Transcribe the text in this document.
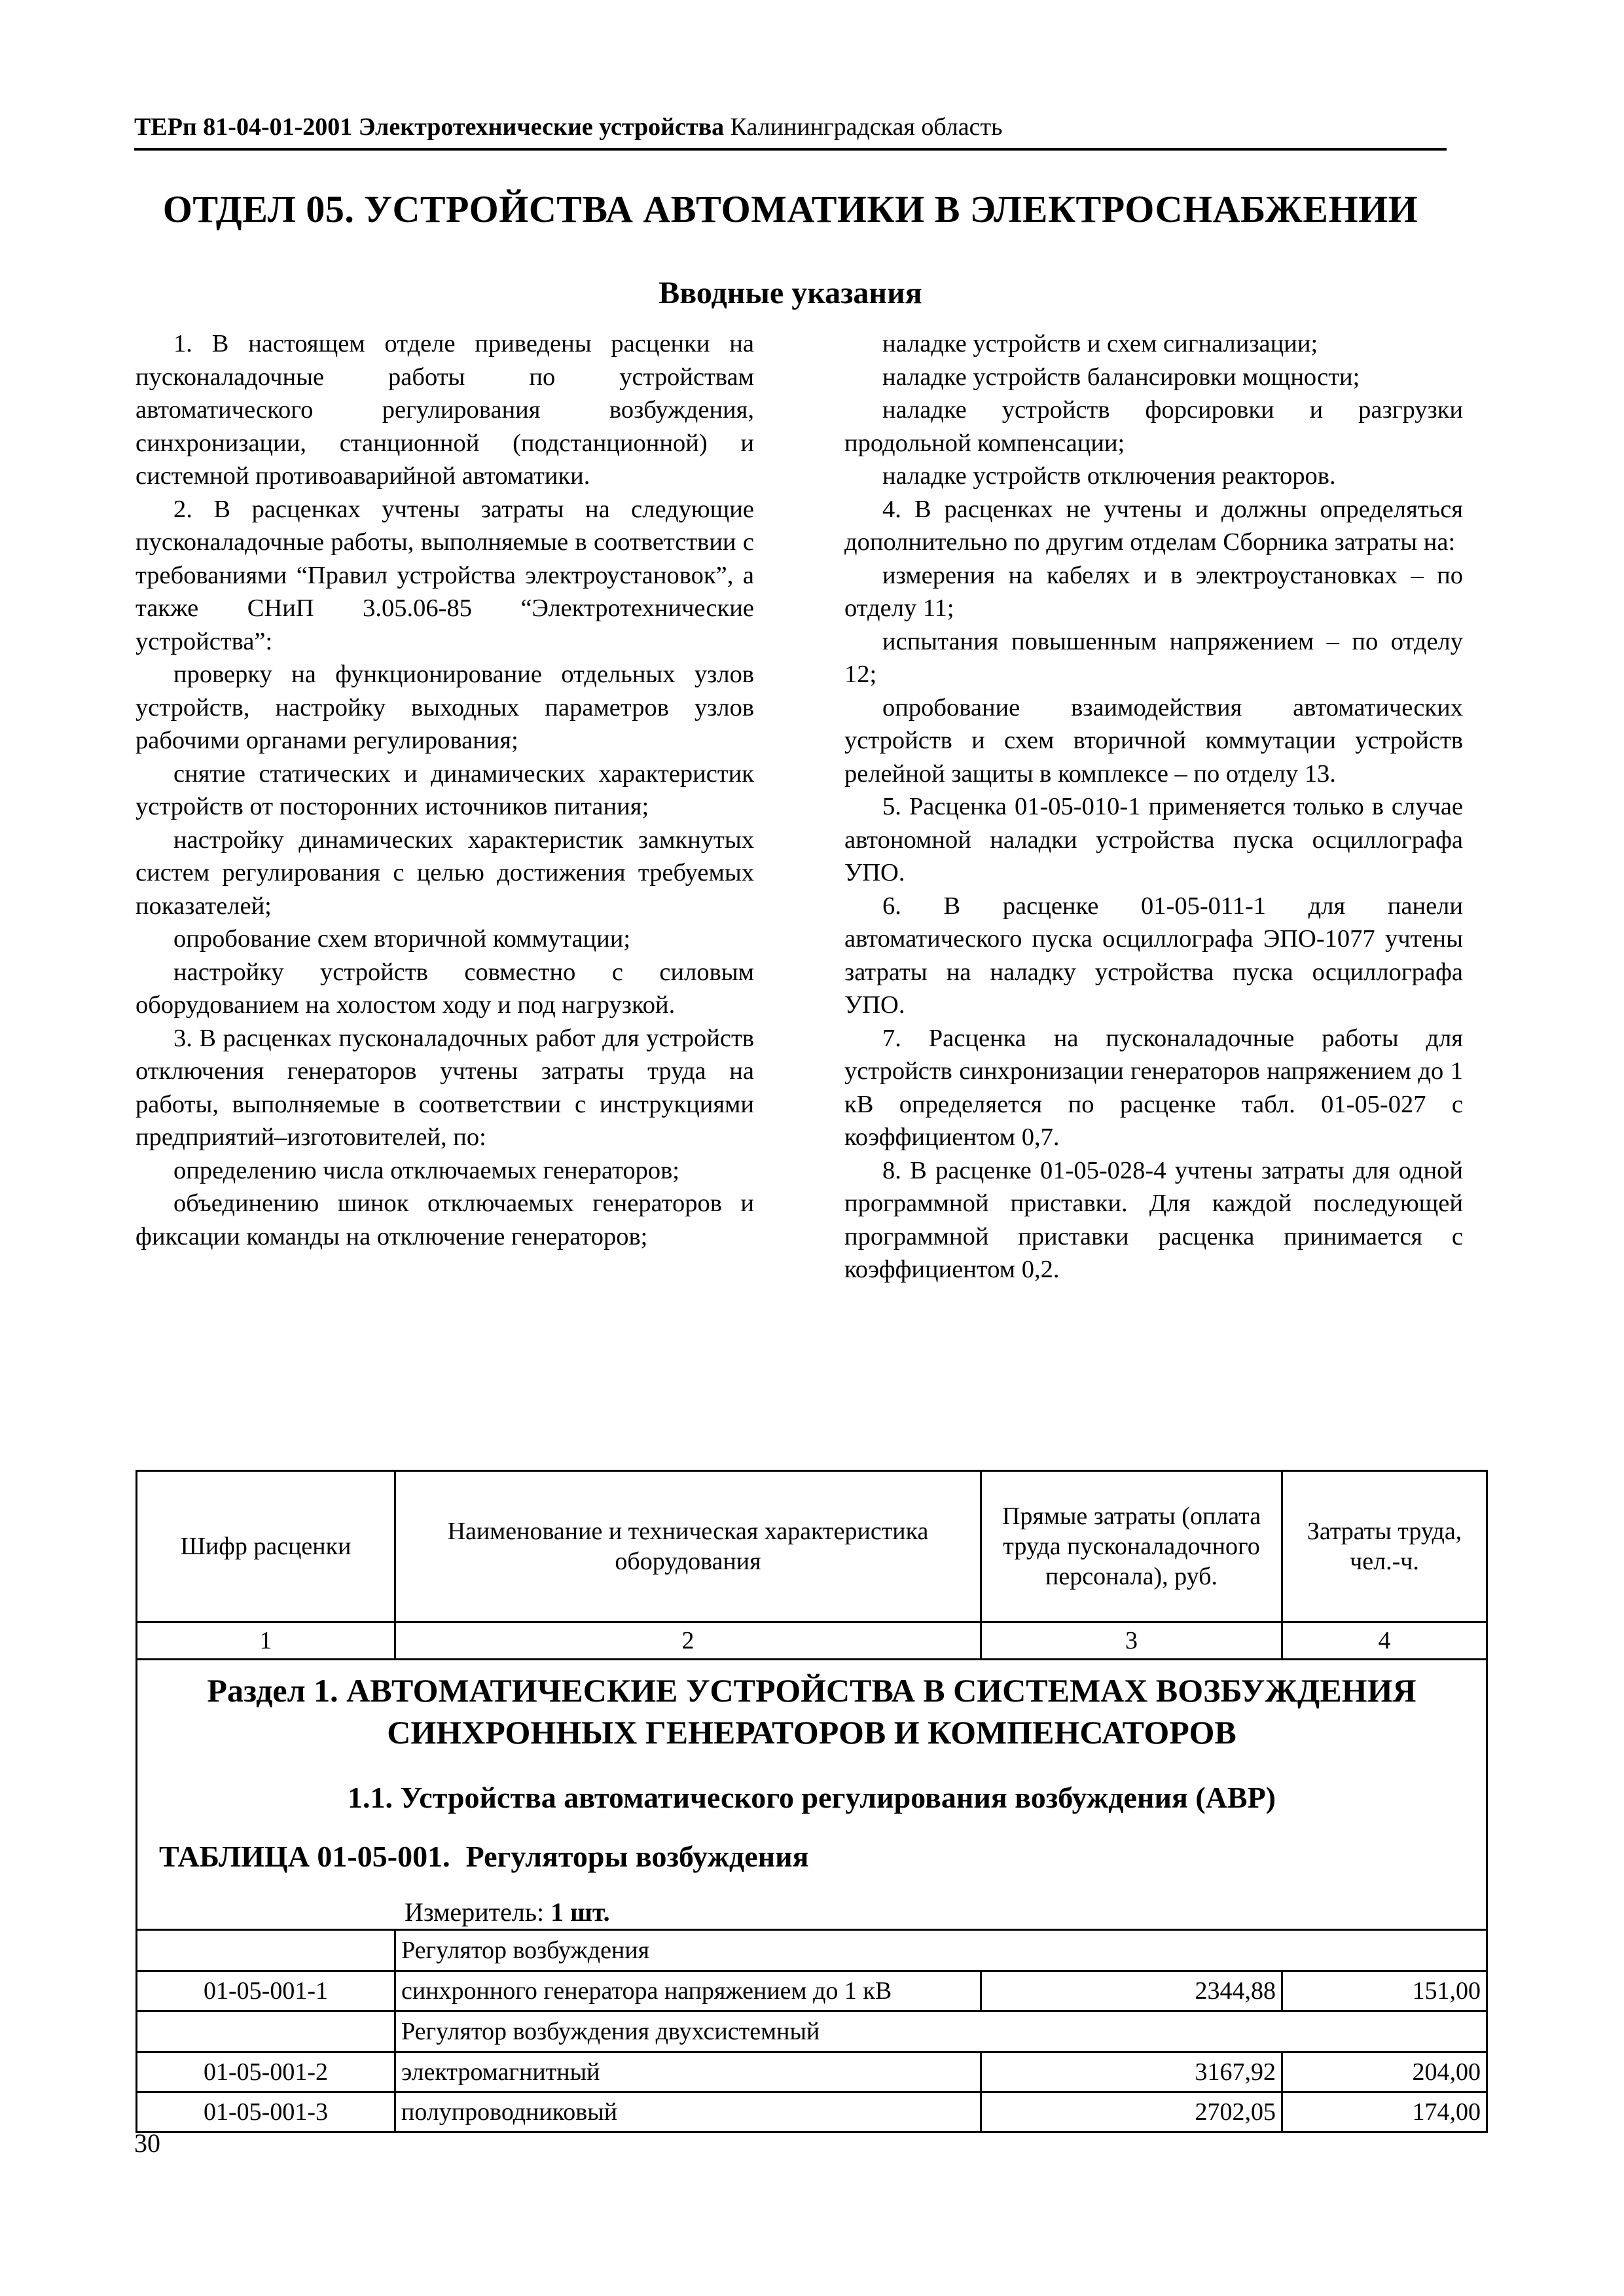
ТЕРп 81-04-01-2001 Электротехнические устройства Калининградская область
ОТДЕЛ 05. УСТРОЙСТВА АВТОМАТИКИ В ЭЛЕКТРОСНАБЖЕНИИ
Вводные указания

1. В настоящем отделе приведены расценки на пусконаладочные работы по устройствам автоматического регулирования возбуждения, синхронизации, станционной (подстанционной) и системной противоаварийной автоматики.

2. В расценках учтены затраты на следующие пусконаладочные работы, выполняемые в соответствии с требованиями “Правил устройства электроустановок”, а также СНиП 3.05.06-85 “Электротехнические устройства”:

проверку на функционирование отдельных узлов устройств, настройку выходных параметров узлов рабочими органами регулирования;

снятие статических и динамических характеристик устройств от посторонних источников питания;

настройку динамических характеристик замкнутых систем регулирования с целью достижения требуемых показателей;

опробование схем вторичной коммутации;

настройку устройств совместно с силовым оборудованием на холостом ходу и под нагрузкой.

3. В расценках пусконаладочных работ для устройств отключения генераторов учтены затраты труда на работы, выполняемые в соответствии с инструкциями предприятий–изготовителей, по:

определению числа отключаемых генераторов;

объединению шинок отключаемых генераторов и фиксации команды на отключение генераторов;

наладке устройств и схем сигнализации;

наладке устройств балансировки мощности;

наладке устройств форсировки и разгрузки продольной компенсации;

наладке устройств отключения реакторов.

4. В расценках не учтены и должны определяться дополнительно по другим отделам Сборника затраты на:

измерения на кабелях и в электроустановках – по отделу 11;

испытания повышенным напряжением – по отделу 12;

опробование взаимодействия автоматических устройств и схем вторичной коммутации устройств релейной защиты в комплексе – по отделу 13.

5. Расценка 01-05-010-1 применяется только в случае автономной наладки устройства пуска осциллографа УПО.

6. В расценке 01-05-011-1 для панели автоматического пуска осциллографа ЭПО-1077 учтены затраты на наладку устройства пуска осциллографа УПО.

7. Расценка на пусконаладочные работы для устройств синхронизации генераторов напряжением до 1 кВ определяется по расценке табл. 01-05-027 с коэффициентом 0,7.

8. В расценке 01-05-028-4 учтены затраты для одной программной приставки. Для каждой последующей программной приставки расценка принимается с коэффициентом 0,2.

Шифр расценки	Наименование и техническая характеристика оборудования	Прямые затраты (оплата труда пусконаладочного персонала), руб.	Затраты труда, чел.-ч.
1	2	3	4

Раздел 1. АВТОМАТИЧЕСКИЕ УСТРОЙСТВА В СИСТЕМАХ ВОЗБУЖДЕНИЯ СИНХРОННЫХ ГЕНЕРАТОРОВ И КОМПЕНСАТОРОВ
1.1. Устройства автоматического регулирования возбуждения (АВР)
ТАБЛИЦА 01-05-001. Регуляторы возбуждения
Измеритель: 1 шт.			

	Регулятор возбуждения		
01-05-001-1	синхронного генератора напряжением до 1 кВ	2344,88	151,00
	Регулятор возбуждения двухсистемный		
01-05-001-2	электромагнитный	3167,92	204,00
01-05-001-3	полупроводниковый	2702,05	174,00
30
